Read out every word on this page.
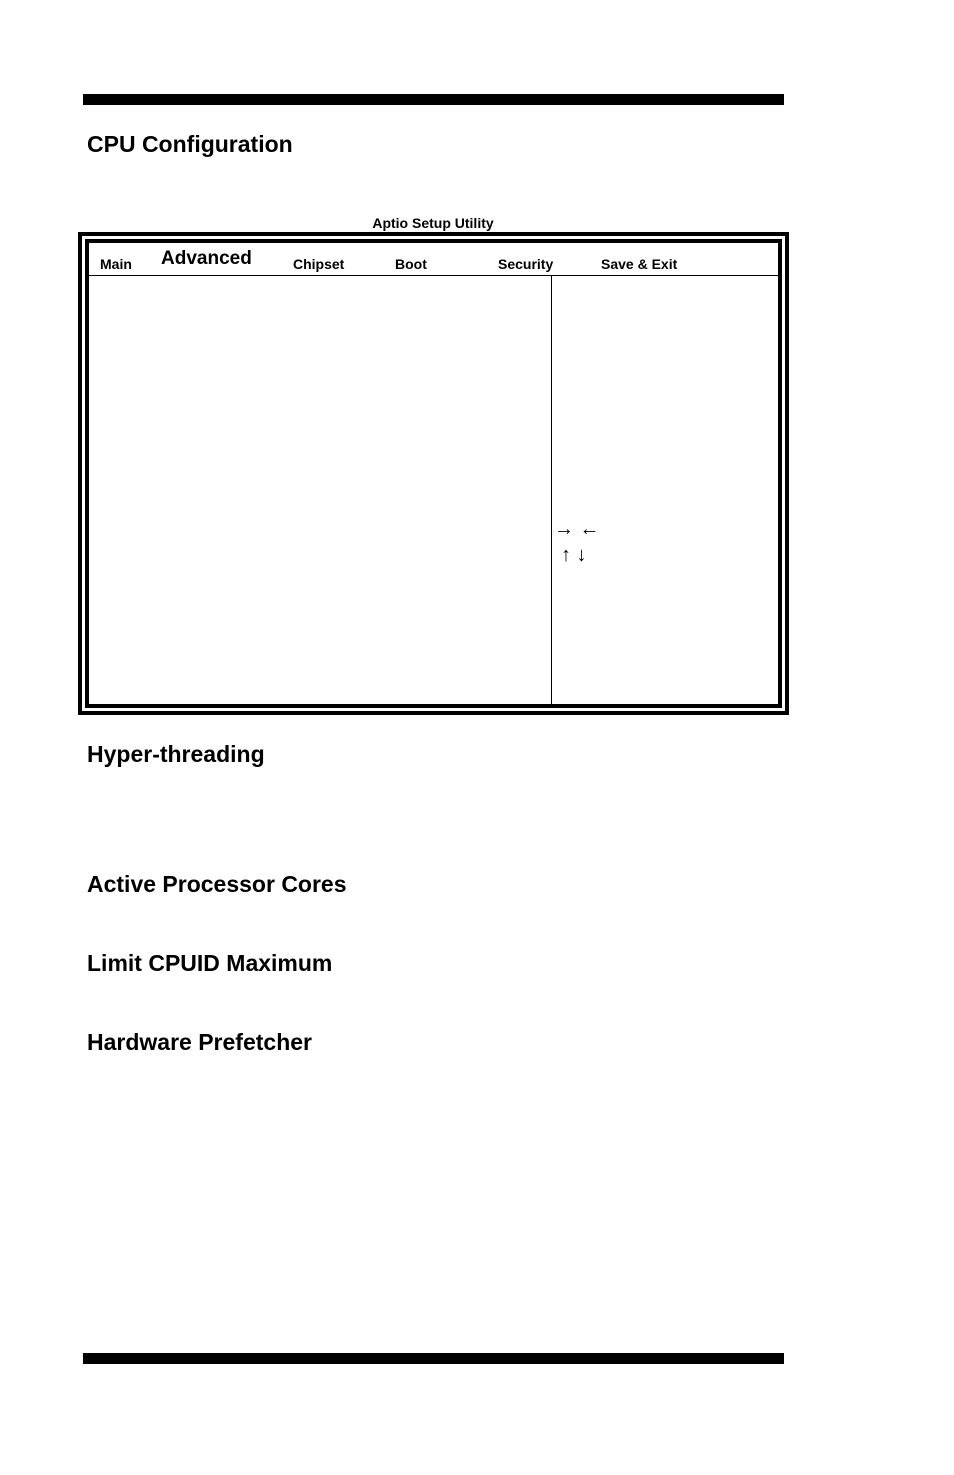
CPU Configuration
Aptio Setup Utility
Main Advanced	Chipset	Boot	Security	Save & Exit
→ ←
↑ ↓
Hyper-threading
Active Processor Cores
Limit CPUID Maximum
Hardware Prefetcher
